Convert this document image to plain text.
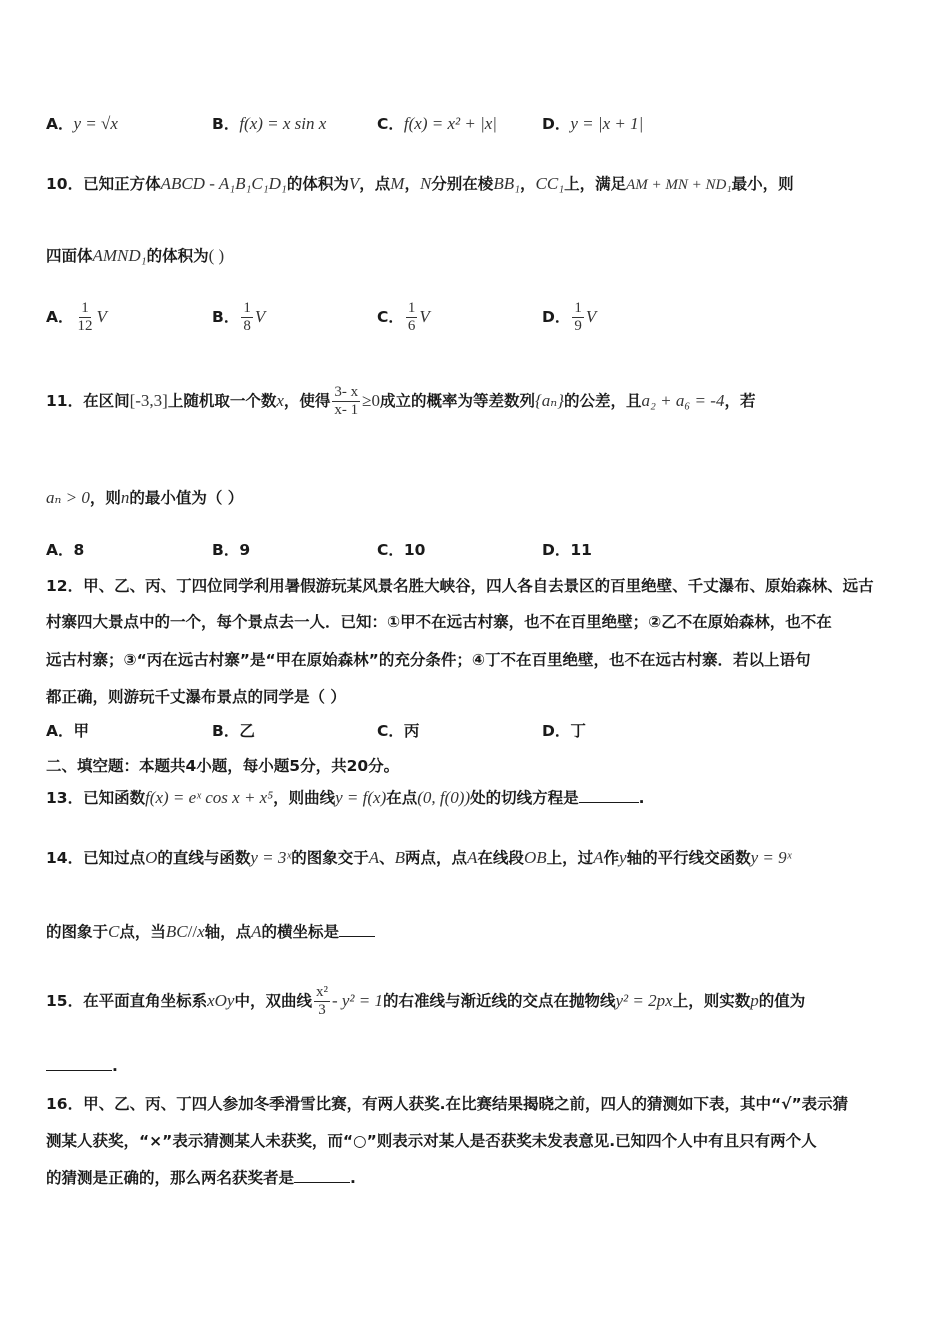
A．y = √x	B．f(x) = x sin x	C．f(x) = x² + |x|	D．y = |x + 1|
10．已知正方体ABCD - A₁B₁C₁D₁的体积为V，点M，N分别在棱BB₁，CC₁上，满足AM + MN + ND₁最小，则
四面体AMND₁的体积为( )
A． $\frac{1}{12}$ V	B． $\frac{1}{8}$ V	C． $\frac{1}{6}$ V	D． $\frac{1}{9}$ V
11．在区间[-3,3]上随机取一个数x，使得 $\frac{3- x}{x- 1} \ge 0$成立的概率为等差数列{aₙ}的公差，且a₂ + a₆ = -4，若
aₙ > 0，则n的最小值为（ ）
A．8	B．9	C．10	D．11
12．甲、乙、丙、丁四位同学利用暑假游玩某风景名胜大峡谷，四人各自去景区的百里绝壁、千丈瀑布、原始森林、远古
村寨四大景点中的一个，每个景点去一人．已知：①甲不在远古村寨，也不在百里绝壁；②乙不在原始森林，也不在
远古村寨；③“丙在远古村寨”是“甲在原始森林”的充分条件；④丁不在百里绝壁，也不在远古村寨．若以上语句
都正确，则游玩千丈瀑布景点的同学是（ ）
A．甲	B．乙	C．丙	D．丁
二、填空题：本题共4小题，每小题5分，共20分。
13．已知函数f(x) = eˣ cos x + x⁵，则曲线y = f(x)在点(0, f(0))处的切线方程是	.
14．已知过点O的直线与函数y = 3ˣ的图象交于A、B两点，点A在线段OB上，过A作y轴的平行线交函数y = 9ˣ
的图象于C点，当BC//x轴，点A的横坐标是
15．在平面直角坐标系xOy中，双曲线 $\frac{\text{x²}}{3} - y^2 = 1$的右准线与渐近线的交点在抛物线y² = 2px上，则实数p的值为
.
16．甲、乙、丙、丁四人参加冬季滑雪比赛，有两人获奖.在比赛结果揭晓之前，四人的猜测如下表，其中“√”表示猜
测某人获奖，“×”表示猜测某人未获奖，而“○”则表示对某人是否获奖未发表意见.已知四个人中有且只有两个人
的猜测是正确的，那么两名获奖者是	.
